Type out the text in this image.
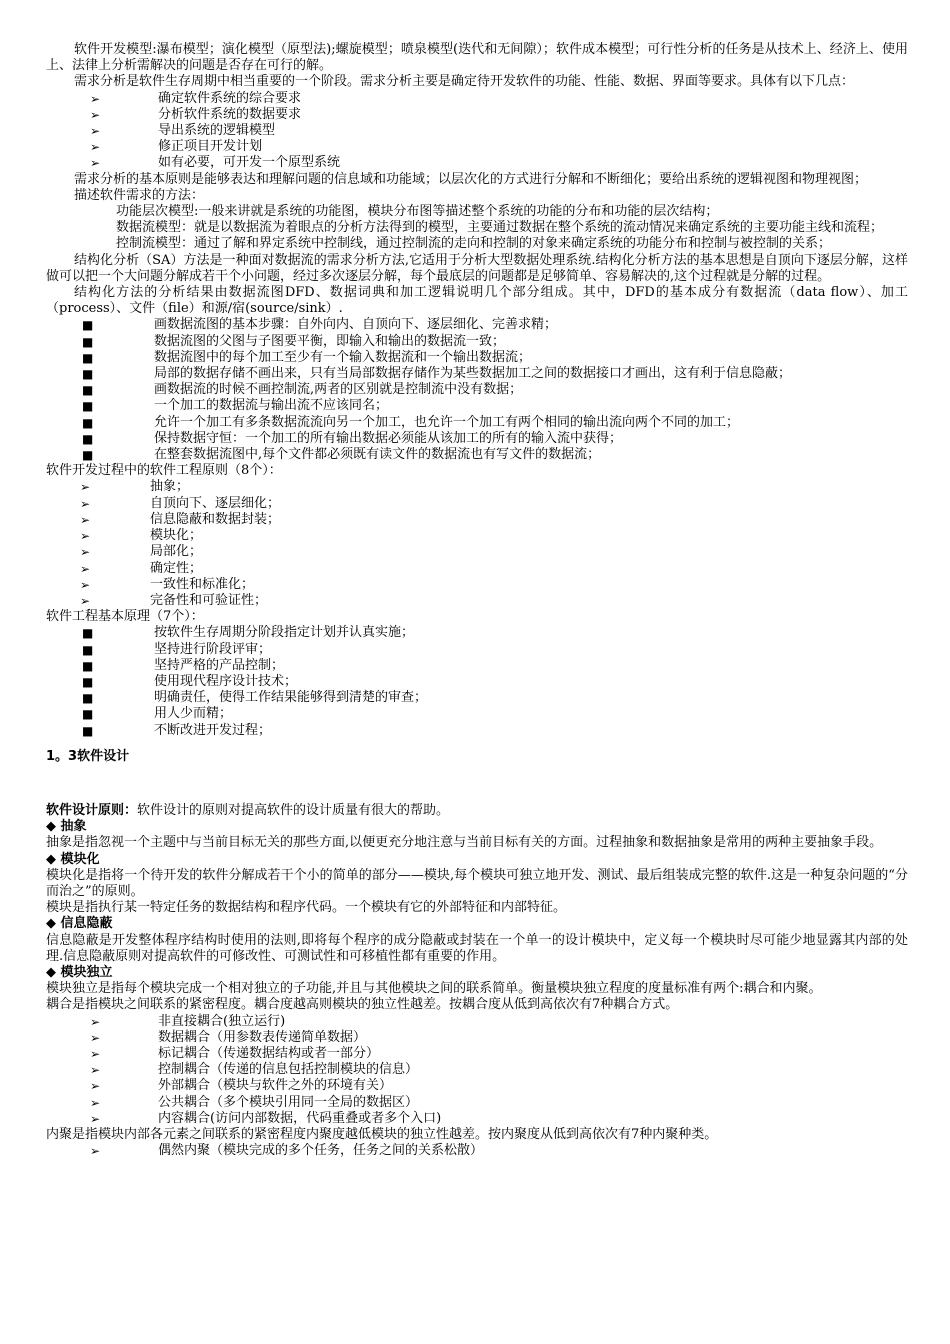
软件开发模型:瀑布模型；演化模型（原型法);螺旋模型；喷泉模型(迭代和无间隙）；软件成本模型；可行性分析的任务是从技术上、经济上、使用上、法律上分析需解决的问题是否存在可行的解。

需求分析是软件生存周期中相当重要的一个阶段。需求分析主要是确定待开发软件的功能、性能、数据、界面等要求。具体有以下几点：

➢	确定软件系统的综合要求

➢	分析软件系统的数据要求

➢	导出系统的逻辑模型

➢	修正项目开发计划

➢	如有必要，可开发一个原型系统

需求分析的基本原则是能够表达和理解问题的信息域和功能域；以层次化的方式进行分解和不断细化；要给出系统的逻辑视图和物理视图；

描述软件需求的方法：

功能层次模型:一般来讲就是系统的功能图，模块分布图等描述整个系统的功能的分布和功能的层次结构；

数据流模型：就是以数据流为着眼点的分析方法得到的模型，主要通过数据在整个系统的流动情况来确定系统的主要功能主线和流程；

控制流模型：通过了解和界定系统中控制线，通过控制流的走向和控制的对象来确定系统的功能分布和控制与被控制的关系；

结构化分析（SA）方法是一种面对数据流的需求分析方法,它适用于分析大型数据处理系统.结构化分析方法的基本思想是自顶向下逐层分解，这样做可以把一个大问题分解成若干个小问题，经过多次逐层分解，每个最底层的问题都是足够简单、容易解决的,这个过程就是分解的过程。

结构化方法的分析结果由数据流图DFD、数据词典和加工逻辑说明几个部分组成。其中，DFD的基本成分有数据流（data flow）、加工（process）、文件（file）和源/宿(source/sink）.

■	画数据流图的基本步骤：自外向内、自顶向下、逐层细化、完善求精；

■	数据流图的父图与子图要平衡，即输入和输出的数据流一致；

■	数据流图中的每个加工至少有一个输入数据流和一个输出数据流；

■	局部的数据存储不画出来，只有当局部数据存储作为某些数据加工之间的数据接口才画出，这有利于信息隐蔽；

■	画数据流的时候不画控制流,两者的区别就是控制流中没有数据；

■	一个加工的数据流与输出流不应该同名；

■	允许一个加工有多条数据流流向另一个加工，也允许一个加工有两个相同的输出流向两个不同的加工；

■	保持数据守恒：一个加工的所有输出数据必须能从该加工的所有的输入流中获得；

■	在整套数据流图中,每个文件都必须既有读文件的数据流也有写文件的数据流；

软件开发过程中的软件工程原则（8个）：

➢	抽象；

➢	自顶向下、逐层细化；

➢	信息隐蔽和数据封装；

➢	模块化；

➢	局部化；

➢	确定性；

➢	一致性和标准化；

➢	完备性和可验证性；

软件工程基本原理（7个）：

■	按软件生存周期分阶段指定计划并认真实施；

■	坚持进行阶段评审；

■	坚持严格的产品控制；

■	使用现代程序设计技术；

■	明确责任，使得工作结果能够得到清楚的审查；

■	用人少而精；

■	不断改进开发过程；

1。3软件设计

软件设计原则：软件设计的原则对提高软件的设计质量有很大的帮助。

◆ 抽象

抽象是指忽视一个主题中与当前目标无关的那些方面,以便更充分地注意与当前目标有关的方面。过程抽象和数据抽象是常用的两种主要抽象手段。

◆ 模块化

模块化是指将一个待开发的软件分解成若干个小的简单的部分——模块,每个模块可独立地开发、测试、最后组装成完整的软件.这是一种复杂问题的“分而治之”的原则。

模块是指执行某一特定任务的数据结构和程序代码。一个模块有它的外部特征和内部特征。

◆ 信息隐蔽

信息隐蔽是开发整体程序结构时使用的法则,即将每个程序的成分隐蔽或封装在一个单一的设计模块中，定义每一个模块时尽可能少地显露其内部的处理.信息隐蔽原则对提高软件的可修改性、可测试性和可移植性都有重要的作用。

◆ 模块独立

模块独立是指每个模块完成一个相对独立的子功能,并且与其他模块之间的联系简单。衡量模块独立程度的度量标准有两个:耦合和内聚。

耦合是指模块之间联系的紧密程度。耦合度越高则模块的独立性越差。按耦合度从低到高依次有7种耦合方式。

➢	非直接耦合(独立运行)

➢	数据耦合（用参数表传递简单数据）

➢	标记耦合（传递数据结构或者一部分）

➢	控制耦合（传递的信息包括控制模块的信息）

➢	外部耦合（模块与软件之外的环境有关）

➢	公共耦合（多个模块引用同一全局的数据区）

➢	内容耦合(访问内部数据，代码重叠或者多个入口)

内聚是指模块内部各元素之间联系的紧密程度内聚度越低模块的独立性越差。按内聚度从低到高依次有7种内聚种类。

➢	偶然内聚（模块完成的多个任务，任务之间的关系松散）
